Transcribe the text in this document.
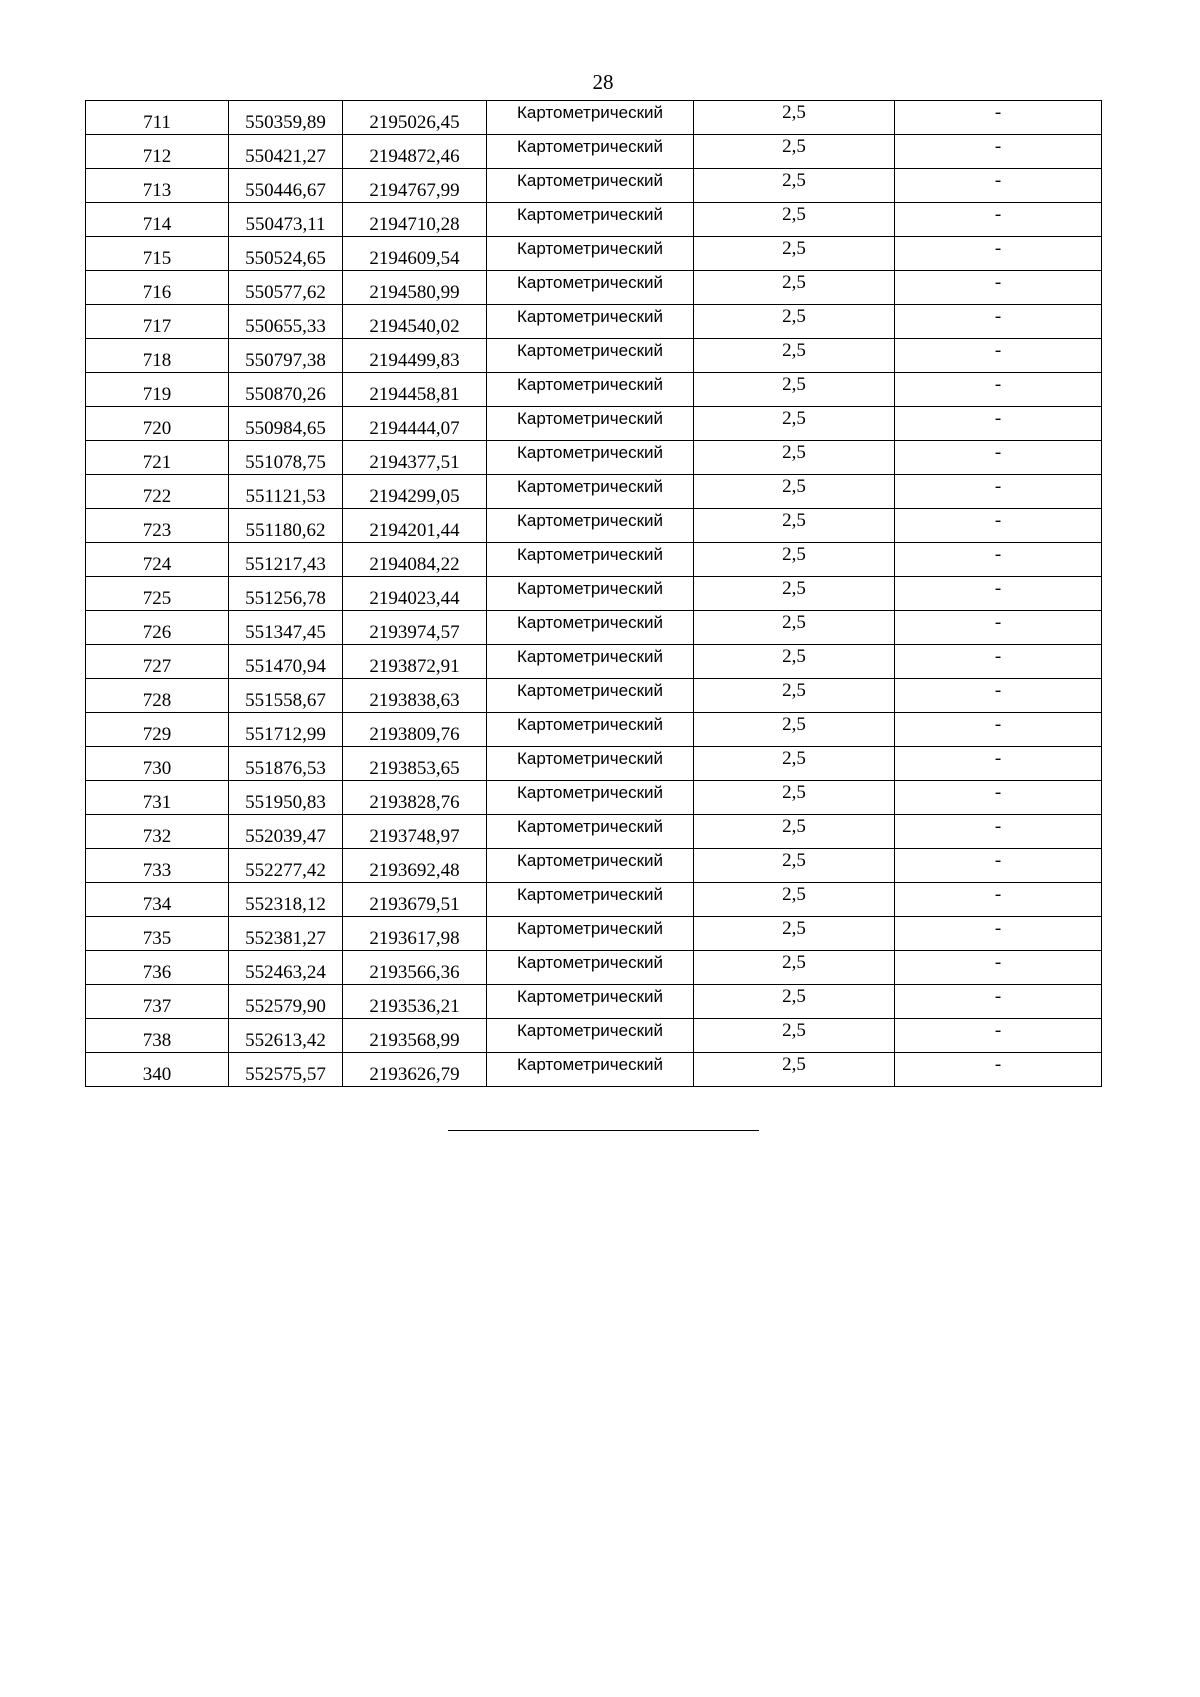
28
711	550359,89	2195026,45	Картометрический	2,5	-
712	550421,27	2194872,46	Картометрический	2,5	-
713	550446,67	2194767,99	Картометрический	2,5	-
714	550473,11	2194710,28	Картометрический	2,5	-
715	550524,65	2194609,54	Картометрический	2,5	-
716	550577,62	2194580,99	Картометрический	2,5	-
717	550655,33	2194540,02	Картометрический	2,5	-
718	550797,38	2194499,83	Картометрический	2,5	-
719	550870,26	2194458,81	Картометрический	2,5	-
720	550984,65	2194444,07	Картометрический	2,5	-
721	551078,75	2194377,51	Картометрический	2,5	-
722	551121,53	2194299,05	Картометрический	2,5	-
723	551180,62	2194201,44	Картометрический	2,5	-
724	551217,43	2194084,22	Картометрический	2,5	-
725	551256,78	2194023,44	Картометрический	2,5	-
726	551347,45	2193974,57	Картометрический	2,5	-
727	551470,94	2193872,91	Картометрический	2,5	-
728	551558,67	2193838,63	Картометрический	2,5	-
729	551712,99	2193809,76	Картометрический	2,5	-
730	551876,53	2193853,65	Картометрический	2,5	-
731	551950,83	2193828,76	Картометрический	2,5	-
732	552039,47	2193748,97	Картометрический	2,5	-
733	552277,42	2193692,48	Картометрический	2,5	-
734	552318,12	2193679,51	Картометрический	2,5	-
735	552381,27	2193617,98	Картометрический	2,5	-
736	552463,24	2193566,36	Картометрический	2,5	-
737	552579,90	2193536,21	Картометрический	2,5	-
738	552613,42	2193568,99	Картометрический	2,5	-
340	552575,57	2193626,79	Картометрический	2,5	-
